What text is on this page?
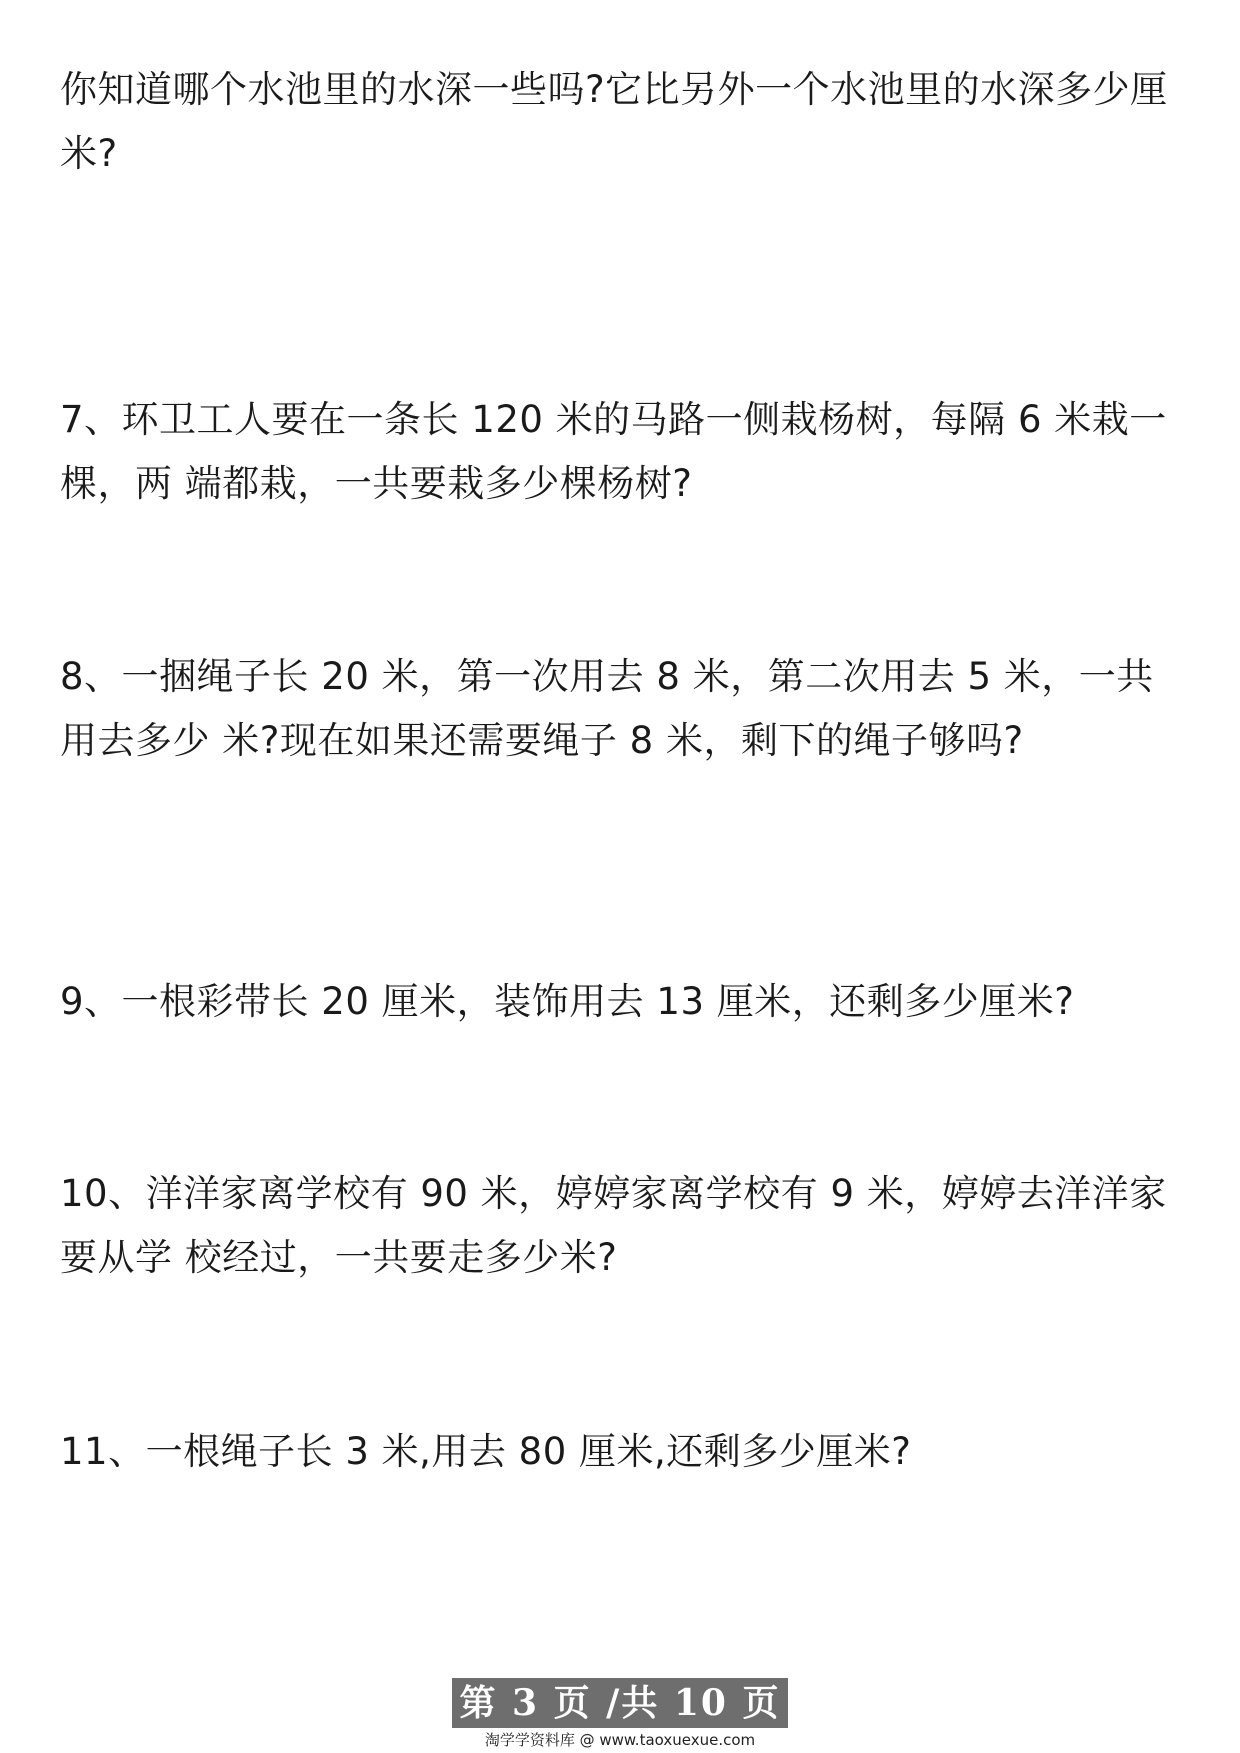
你知道哪个水池里的水深一些吗?它比另外一个水池里的水深多少厘
米?
7、环卫工人要在一条长 120 米的马路一侧栽杨树，每隔 6 米栽一
棵，两 端都栽，一共要栽多少棵杨树?
8、一捆绳子长 20 米，第一次用去 8 米，第二次用去 5 米，一共
用去多少 米?现在如果还需要绳子 8 米，剩下的绳子够吗?
9、一根彩带长 20 厘米，装饰用去 13 厘米，还剩多少厘米?
10、洋洋家离学校有 90 米，婷婷家离学校有 9 米，婷婷去洋洋家
要从学 校经过，一共要走多少米?
11、一根绳子长 3 米,用去 80 厘米,还剩多少厘米?
第 3 页 /共 10 页
淘学学资料库 @ www.taoxuexue.com
